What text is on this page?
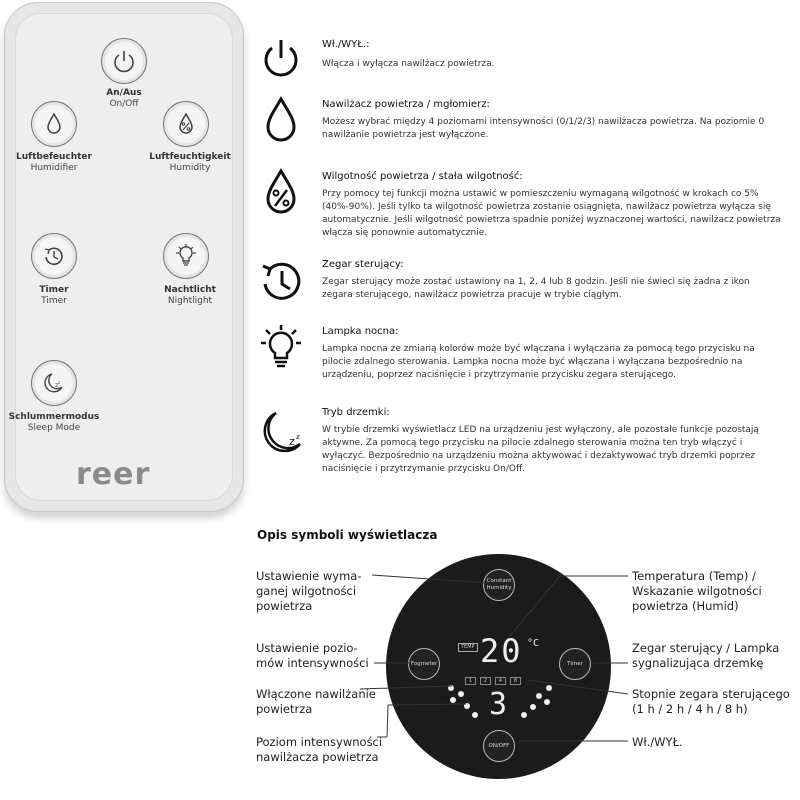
An/Aus
On/Off
Luftbefeuchter
Humidifier
Luftfeuchtigkeit
Humidity
Timer
Timer
Nachtlicht
Nightlight
z z
Schlummermodus
Sleep Mode
reer
Wł./WYŁ.:
Włącza i wyłącza nawilżacz powietrza.
Nawilżacz powietrza / mgłomierz:
Możesz wybrać między 4 poziomami intensywności (0/1/2/3) nawilżacza powietrza. Na poziomie 0 nawilżanie powietrza jest wyłączone.
Wilgotność powietrza / stała wilgotność:
Przy pomocy tej funkcji można ustawić w pomieszczeniu wymaganą wilgotność w krokach co 5% (40%-90%). Jeśli tylko ta wilgotność powietrza zostanie osiągnięta, nawilżacz powietrza wyłącza się automatycznie. Jeśli wilgotność powietrza spadnie poniżej wyznaczonej wartości, nawilżacz powietrza włącza się ponownie automatycznie.
Zegar sterujący:
Zegar sterujący może zostać ustawiony na 1, 2, 4 lub 8 godzin. Jeśli nie świeci się żadna z ikon zegara sterującego, nawilżacz powietrza pracuje w trybie ciągłym.
Lampka nocna:
Lampka nocna ze zmianą kolorów może być włączana i wyłączana za pomocą tego przycisku na pilocie zdalnego sterowania. Lampka nocna może być włączana i wyłączana bezpośrednio na urządzeniu, poprzez naciśnięcie i przytrzymanie przycisku zegara sterującego.
z z
Tryb drzemki:
W trybie drzemki wyświetlacz LED na urządzeniu jest wyłączony, ale pozostałe funkcje pozostają aktywne. Za pomocą tego przycisku na pilocie zdalnego sterowania można ten tryb włączyć i wyłączyć. Bezpośrednio na urządzeniu można aktywować i dezaktywować tryb drzemki poprzez naciśnięcie i przytrzymanie przycisku On/Off.
Opis symboli wyświetlacza
Constant Humidity
Fogmeter	Timer
ON/OFF
TEMP 20 °C
1	2	4	8
3
Ustawienie wyma-
ganej wilgotności
powietrza
Ustawienie pozio-
mów intensywności
Włączone nawilżanie
powietrza
Poziom intensywności
nawilżacza powietrza
Temperatura (Temp) /
Wskazanie wilgotności
powietrza (Humid)
Zegar sterujący / Lampka
sygnalizująca drzemkę
Stopnie zegara sterującego
(1 h / 2 h / 4 h / 8 h)
Wł./WYŁ.
